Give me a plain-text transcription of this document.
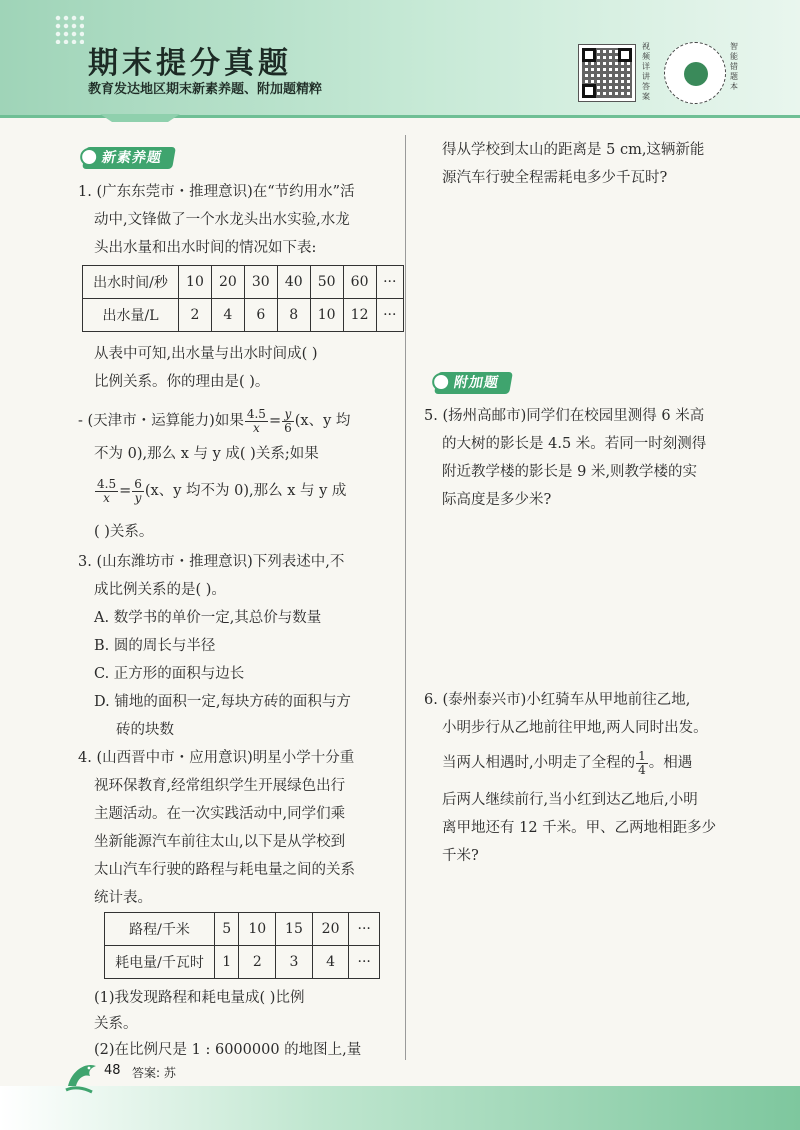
期末提分真题
教育发达地区期末新素养题、附加题精粹
视频详讲答案
智能错题本
新素养题
1. (广东东莞市・推理意识)在“节约用水”活
动中,文锋做了一个水龙头出水实验,水龙
头出水量和出水时间的情况如下表:
出水时间/秒	10	20	30	40	50	60	···
出水量/L	2	4	6	8	10	12	···
从表中可知,出水量与出水时间成( )
比例关系。你的理由是( )。
- (天津市・运算能力)如果 $\frac{4.5}{x} = \frac{y}{6} (x$、y 均
不为 0),那么 x 与 y 成( )关系;如果
$\frac{4.5}{x} = \frac{6}{y} (x$、y 均不为 0),那么 x 与 y 成
( )关系。
3. (山东潍坊市・推理意识)下列表述中,不
成比例关系的是( )。
A. 数学书的单价一定,其总价与数量
B. 圆的周长与半径
C. 正方形的面积与边长
D. 铺地的面积一定,每块方砖的面积与方
砖的块数
4. (山西晋中市・应用意识)明星小学十分重
视环保教育,经常组织学生开展绿色出行
主题活动。在一次实践活动中,同学们乘
坐新能源汽车前往太山,以下是从学校到
太山汽车行驶的路程与耗电量之间的关系
统计表。
路程/千米	5	10	15	20	···
耗电量/千瓦时	1	2	3	4	···
(1)我发现路程和耗电量成( )比例
关系。
(2)在比例尺是 1 : 6000000 的地图上,量
得从学校到太山的距离是 5 cm,这辆新能
源汽车行驶全程需耗电多少千瓦时?
附加题
5. (扬州高邮市)同学们在校园里测得 6 米高
的大树的影长是 4.5 米。若同一时刻测得
附近教学楼的影长是 9 米,则教学楼的实
际高度是多少米?
6. (泰州泰兴市)小红骑车从甲地前往乙地,
小明步行从乙地前往甲地,两人同时出发。
当两人相遇时,小明走了全程的 $\frac{1}{4}$ 。相遇
后两人继续前行,当小红到达乙地后,小明
离甲地还有 12 千米。甲、乙两地相距多少
千米?
48 答案: 苏
